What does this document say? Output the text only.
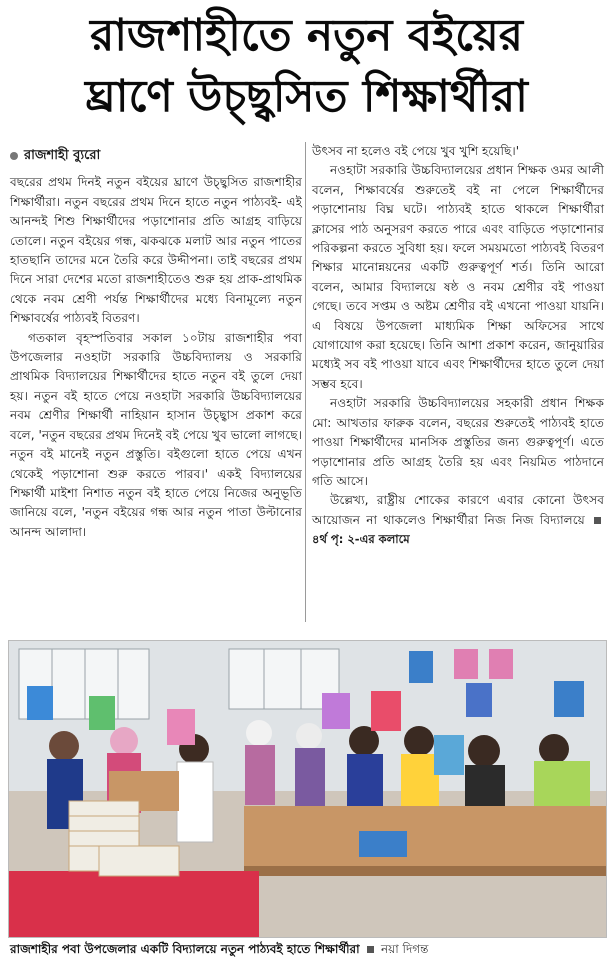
রাজশাহীতে নতুন বইয়ের
ঘ্রাণে উচ্ছ্বসিত শিক্ষার্থীরা
রাজশাহী ব্যুরো

বছরের প্রথম দিনই নতুন বইয়ের ঘ্রাণে উচ্ছ্বসিত রাজশাহীর শিক্ষার্থীরা। নতুন বছরের প্রথম দিনে হাতে নতুন পাঠ্যবই- এই আনন্দই শিশু শিক্ষার্থীদের পড়াশোনার প্রতি আগ্রহ বাড়িয়ে তোলে। নতুন বইয়ের গন্ধ, ঝকঝকে মলাট আর নতুন পাতের হাতছানি তাদের মনে তৈরি করে উদ্দীপনা। তাই বছরের প্রথম দিনে সারা দেশের মতো রাজশাহীতেও শুরু হয় প্রাক-প্রাথমিক থেকে নবম শ্রেণী পর্যন্ত শিক্ষার্থীদের মধ্যে বিনামূল্যে নতুন শিক্ষাবর্ষের পাঠ্যবই বিতরণ।

গতকাল বৃহস্পতিবার সকাল ১০টায় রাজশাহীর পবা উপজেলার নওহাটা সরকারি উচ্চবিদ্যালয় ও সরকারি প্রাথমিক বিদ্যালয়ের শিক্ষার্থীদের হাতে নতুন বই তুলে দেয়া হয়। নতুন বই হাতে পেয়ে নওহাটা সরকারি উচ্চবিদ্যালয়ের নবম শ্রেণীর শিক্ষার্থী নাহিয়ান হাসান উচ্ছ্বাস প্রকাশ করে বলে, 'নতুন বছরের প্রথম দিনেই বই পেয়ে খুব ভালো লাগছে। নতুন বই মানেই নতুন প্রস্তুতি। বইগুলো হাতে পেয়ে এখন থেকেই পড়াশোনা শুরু করতে পারব।' একই বিদ্যালয়ের শিক্ষার্থী মাইশা নিশাত নতুন বই হাতে পেয়ে নিজের অনুভূতি জানিয়ে বলে, 'নতুন বইয়ের গন্ধ আর নতুন পাতা উল্টানোর আনন্দ আলাদা।

উৎসব না হলেও বই পেয়ে খুব খুশি হয়েছি।'

নওহাটা সরকারি উচ্চবিদ্যালয়ের প্রধান শিক্ষক ওমর আলী বলেন, শিক্ষাবর্ষের শুরুতেই বই না পেলে শিক্ষার্থীদের পড়াশোনায় বিঘ্ন ঘটে। পাঠ্যবই হাতে থাকলে শিক্ষার্থীরা ক্লাসের পাঠ অনুসরণ করতে পারে এবং বাড়িতে পড়াশোনার পরিকল্পনা করতে সুবিধা হয়। ফলে সময়মতো পাঠ্যবই বিতরণ শিক্ষার মানোন্নয়নের একটি গুরুত্বপূর্ণ শর্ত। তিনি আরো বলেন, আমার বিদ্যালয়ে ষষ্ঠ ও নবম শ্রেণীর বই পাওয়া গেছে। তবে সপ্তম ও অষ্টম শ্রেণীর বই এখনো পাওয়া যায়নি। এ বিষয়ে উপজেলা মাধ্যমিক শিক্ষা অফিসের সাথে যোগাযোগ করা হয়েছে। তিনি আশা প্রকাশ করেন, জানুয়ারির মধ্যেই সব বই পাওয়া যাবে এবং শিক্ষার্থীদের হাতে তুলে দেয়া সম্ভব হবে।

নওহাটা সরকারি উচ্চবিদ্যালয়ের সহকারী প্রধান শিক্ষক মো: আখতার ফারুক বলেন, বছরের শুরুতেই পাঠ্যবই হাতে পাওয়া শিক্ষার্থীদের মানসিক প্রস্তুতির জন্য গুরুত্বপূর্ণ। এতে পড়াশোনার প্রতি আগ্রহ তৈরি হয় এবং নিয়মিত পাঠদানে গতি আসে।

উল্লেখ্য, রাষ্ট্রীয় শোকের কারণে এবার কোনো উৎসব আয়োজন না থাকলেও শিক্ষার্থীরা নিজ নিজ বিদ্যালয়ে  ৪র্থ পৃ: ২-এর কলামে

রাজশাহীর পবা উপজেলার একটি বিদ্যালয়ে নতুন পাঠ্যবই হাতে শিক্ষার্থীরা নয়া দিগন্ত
